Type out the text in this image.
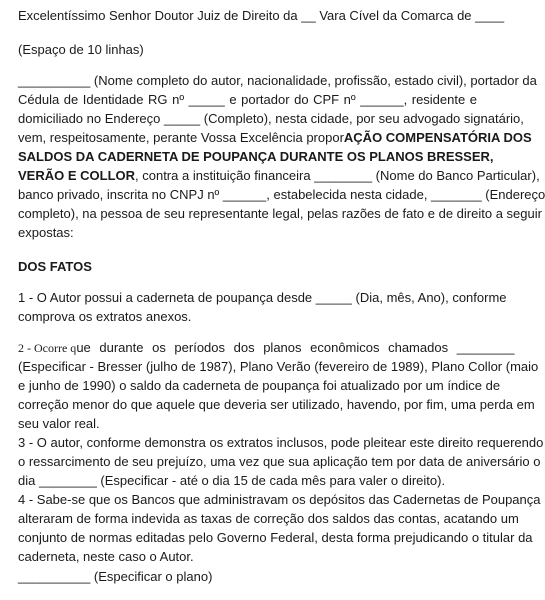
Excelentíssimo Senhor Doutor Juiz de Direito da __ Vara Cível da Comarca de ____
(Espaço de 10 linhas)
__________ (Nome completo do autor, nacionalidade, profissão, estado civil), portador da
Cédula de Identidade RG nº _____ e portador do CPF nº ______, residente e
domiciliado no Endereço _____ (Completo), nesta cidade, por seu advogado signatário,
vem, respeitosamente, perante Vossa Excelência propor AÇÃO COMPENSATÓRIA DOS
SALDOS DA CADERNETA DE POUPANÇA DURANTE OS PLANOS BRESSER,
VERÃO E COLLOR , contra a instituição financeira ________ (Nome do Banco Particular),
banco privado, inscrita no CNPJ nº ______, estabelecida nesta cidade, _______ (Endereço
completo), na pessoa de seu representante legal, pelas razões de fato e de direito a seguir
expostas:
DOS FATOS
1 - O Autor possui a caderneta de poupança desde _____ (Dia, mês, Ano), conforme
comprova os extratos anexos.
2 - Ocorre que durante os períodos dos planos econômicos chamados ________
(Especificar - Bresser (julho de 1987), Plano Verão (fevereiro de 1989), Plano Collor (maio
e junho de 1990) o saldo da caderneta de poupança foi atualizado por um índice de
correção menor do que aquele que deveria ser utilizado, havendo, por fim, uma perda em
seu valor real.
3 - O autor, conforme demonstra os extratos inclusos, pode pleitear este direito requerendo
o ressarcimento de seu prejuízo, uma vez que sua aplicação tem por data de aniversário o
dia ________ (Especificar - até o dia 15 de cada mês para valer o direito).
4 - Sabe-se que os Bancos que administravam os depósitos das Cadernetas de Poupança
alteraram de forma indevida as taxas de correção dos saldos das contas, acatando um
conjunto de normas editadas pelo Governo Federal, desta forma prejudicando o titular da
caderneta, neste caso o Autor.
__________ (Especificar o plano)
